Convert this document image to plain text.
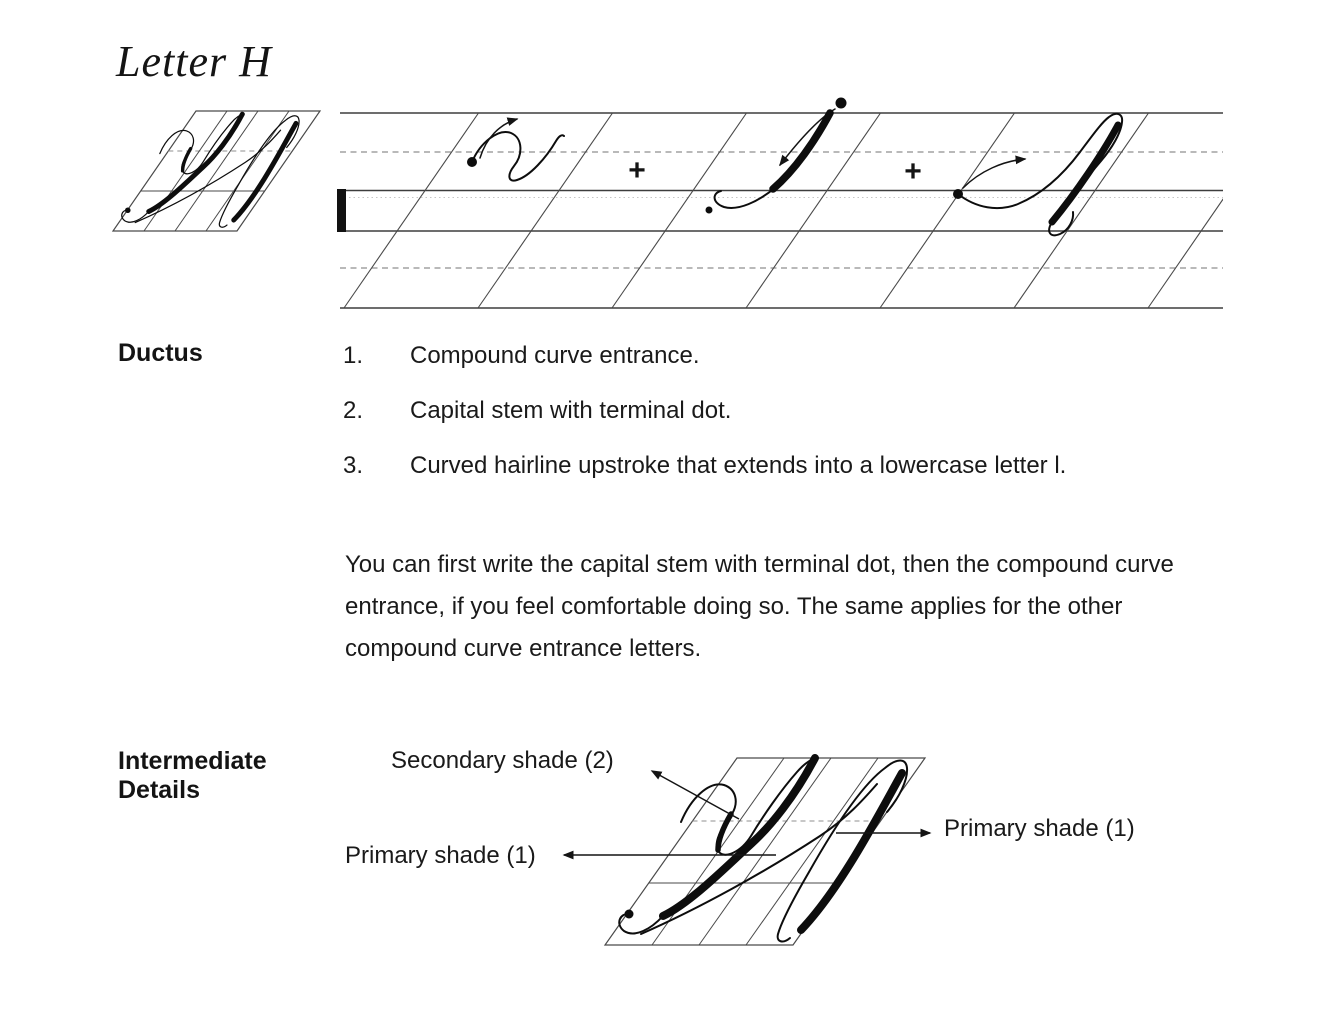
Letter H
+	+
Ductus	1. Compound curve entrance.
2. Capital stem with terminal dot.
3. Curved hairline upstroke that extends into a lowercase letter l.
You can first write the capital stem with terminal dot, then the compound curve entrance, if you feel comfortable doing so. The same applies for the other compound curve entrance letters.
Intermediate Details
Secondary shade (2)
Primary shade (1)
Primary shade (1)
